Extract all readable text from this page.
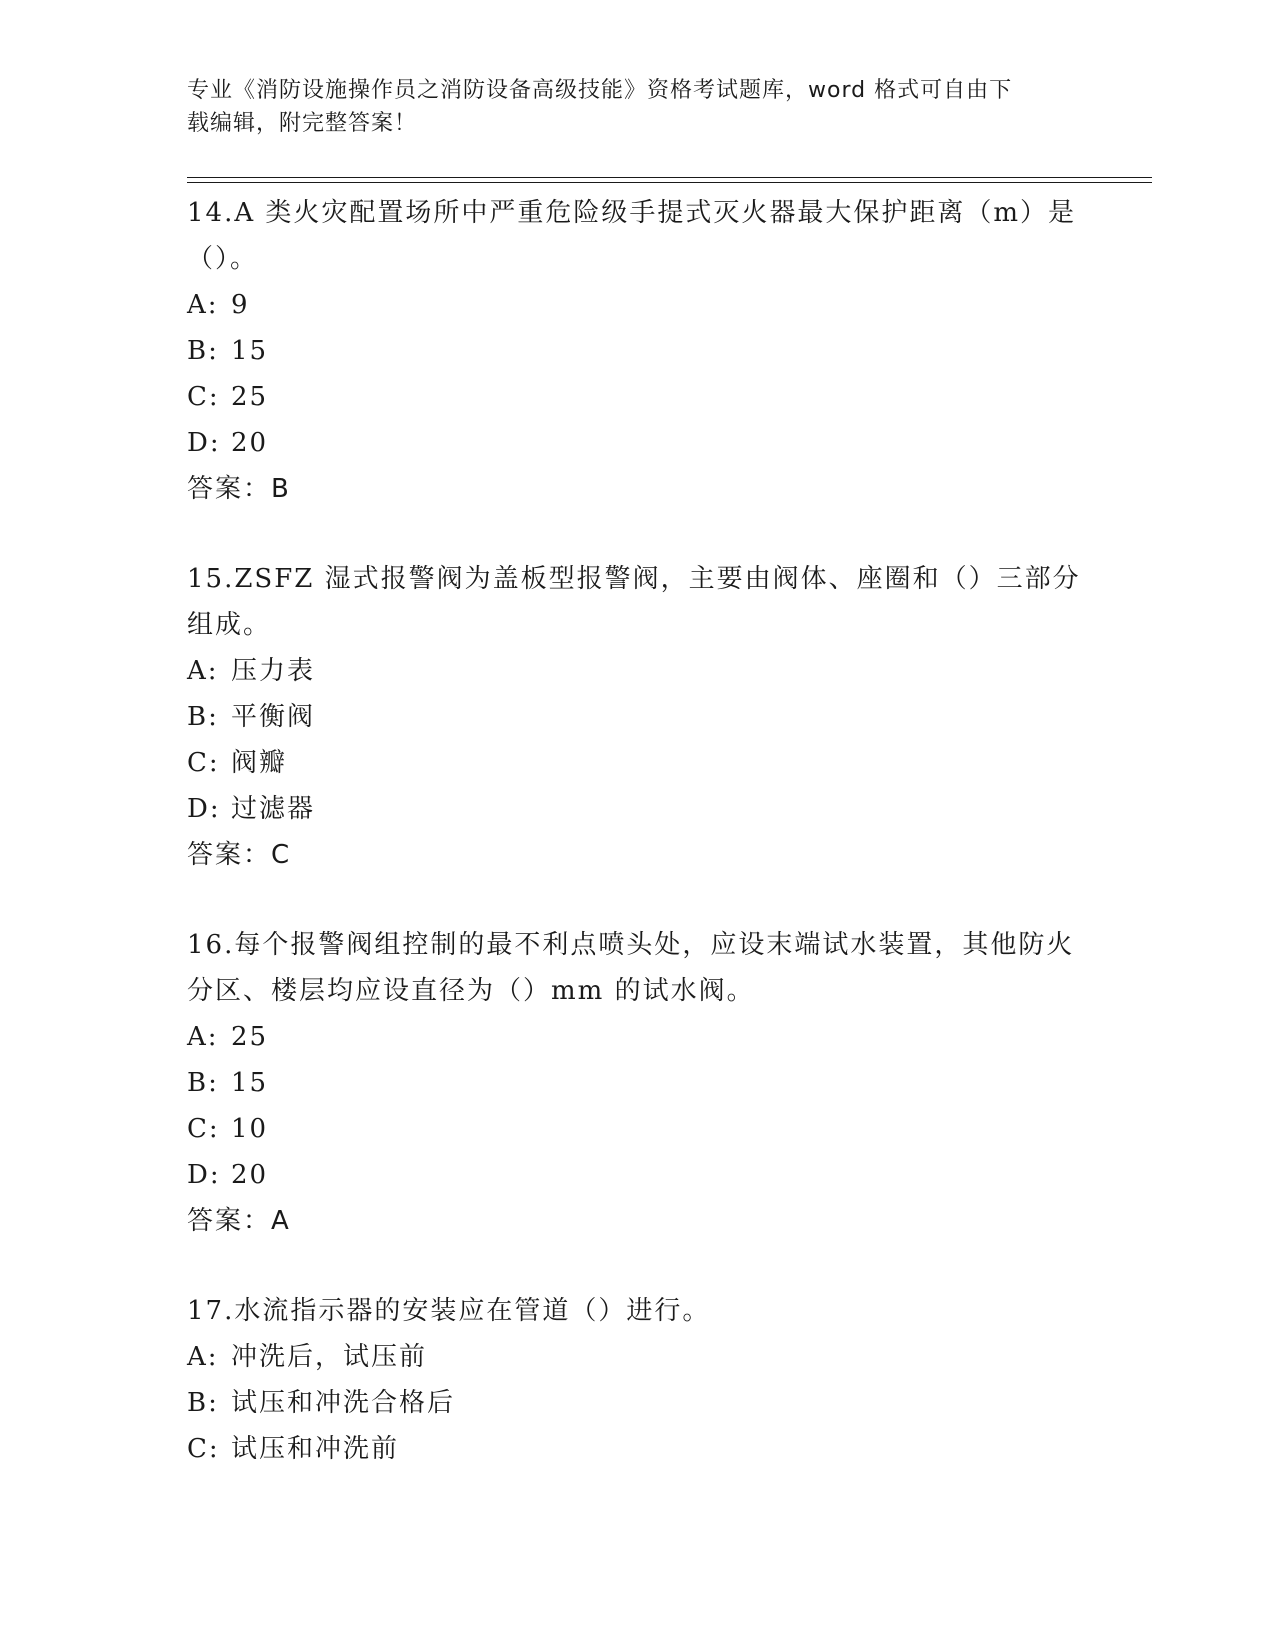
专业《消防设施操作员之消防设备高级技能》资格考试题库，word 格式可自由下
载编辑，附完整答案！

14.A 类火灾配置场所中严重危险级手提式灭火器最大保护距离（m）是（）。

A: 9
B: 15
C: 25
D: 20

答案：B

15.ZSFZ 湿式报警阀为盖板型报警阀，主要由阀体、座圈和（）三部分组成。

A: 压力表
B: 平衡阀
C: 阀瓣
D: 过滤器

答案：C

16.每个报警阀组控制的最不利点喷头处，应设末端试水装置，其他防火分区、楼层均应设直径为（）mm 的试水阀。

A: 25
B: 15
C: 10
D: 20

答案：A

17.水流指示器的安装应在管道（）进行。

A: 冲洗后，试压前
B: 试压和冲洗合格后
C: 试压和冲洗前
